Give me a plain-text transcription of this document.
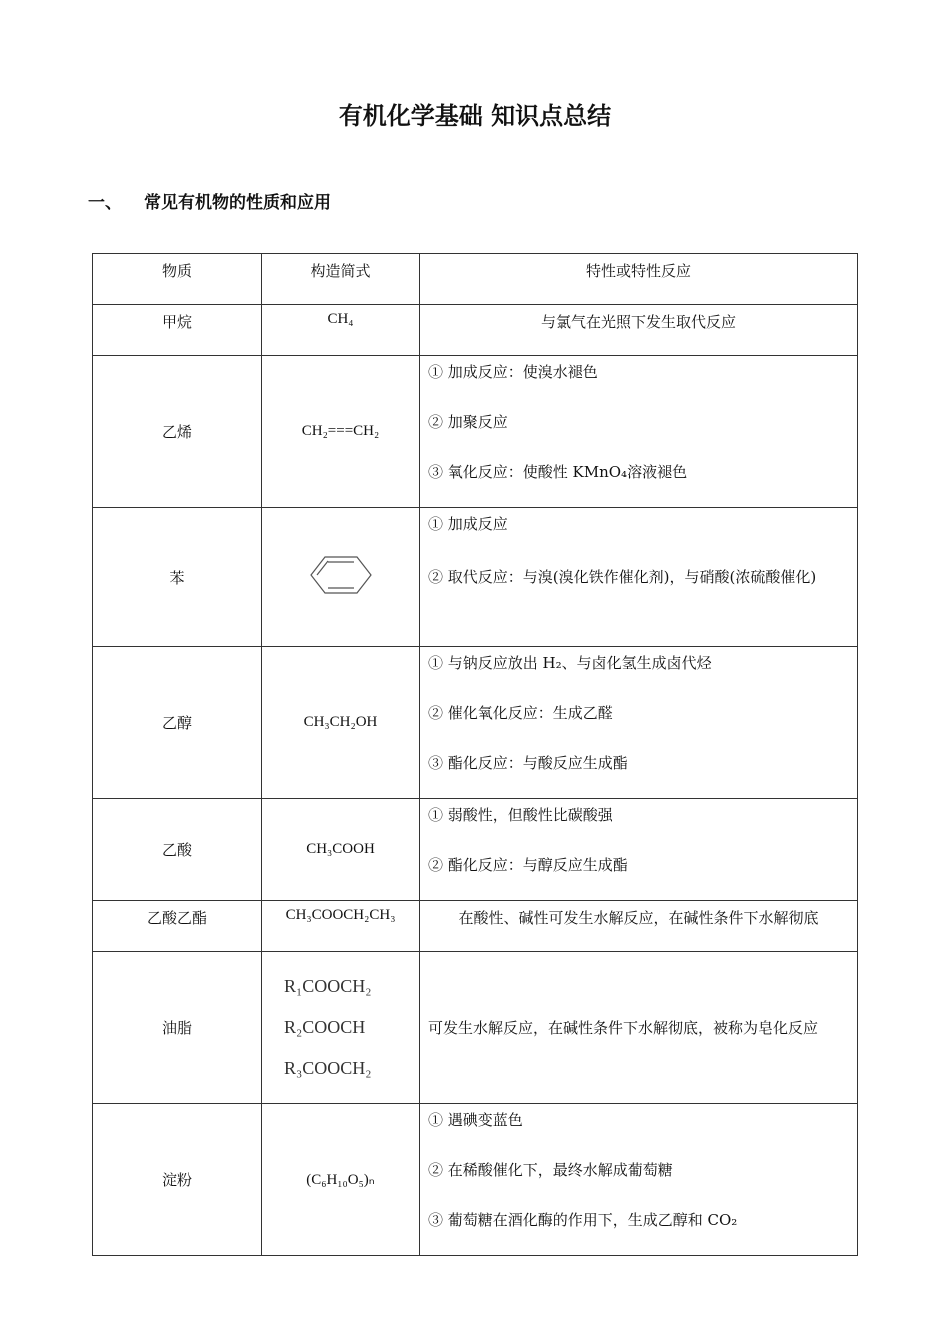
有机化学基础 知识点总结
一、 常见有机物的性质和应用
物质	构造简式	特性或特性反应
甲烷	CH₄	与氯气在光照下发生取代反应
乙烯	CH₂===CH₂	① 加成反应：使溴水褪色
② 加聚反应
③ 氧化反应：使酸性 KMnO₄溶液褪色

苯		① 加成反应
② 取代反应：与溴(溴化铁作催化剂)，与硝酸(浓硫酸催化)

乙醇	CH₃CH₂OH	① 与钠反应放出 H₂、与卤化氢生成卤代烃
② 催化氧化反应：生成乙醛
③ 酯化反应：与酸反应生成酯

乙酸	CH₃COOH	① 弱酸性，但酸性比碳酸强
② 酯化反应：与醇反应生成酯

乙酸乙酯	CH₃COOCH₂CH₃	在酸性、碱性可发生水解反应，在碱性条件下水解彻底
油脂	R₁COOCH₂
R₂COOCH
R₃COOCH₂	可发生水解反应，在碱性条件下水解彻底，被称为皂化反应

淀粉	(C₆H₁₀O₅)ₙ	① 遇碘变蓝色
② 在稀酸催化下，最终水解成葡萄糖
③ 葡萄糖在酒化酶的作用下，生成乙醇和 CO₂
